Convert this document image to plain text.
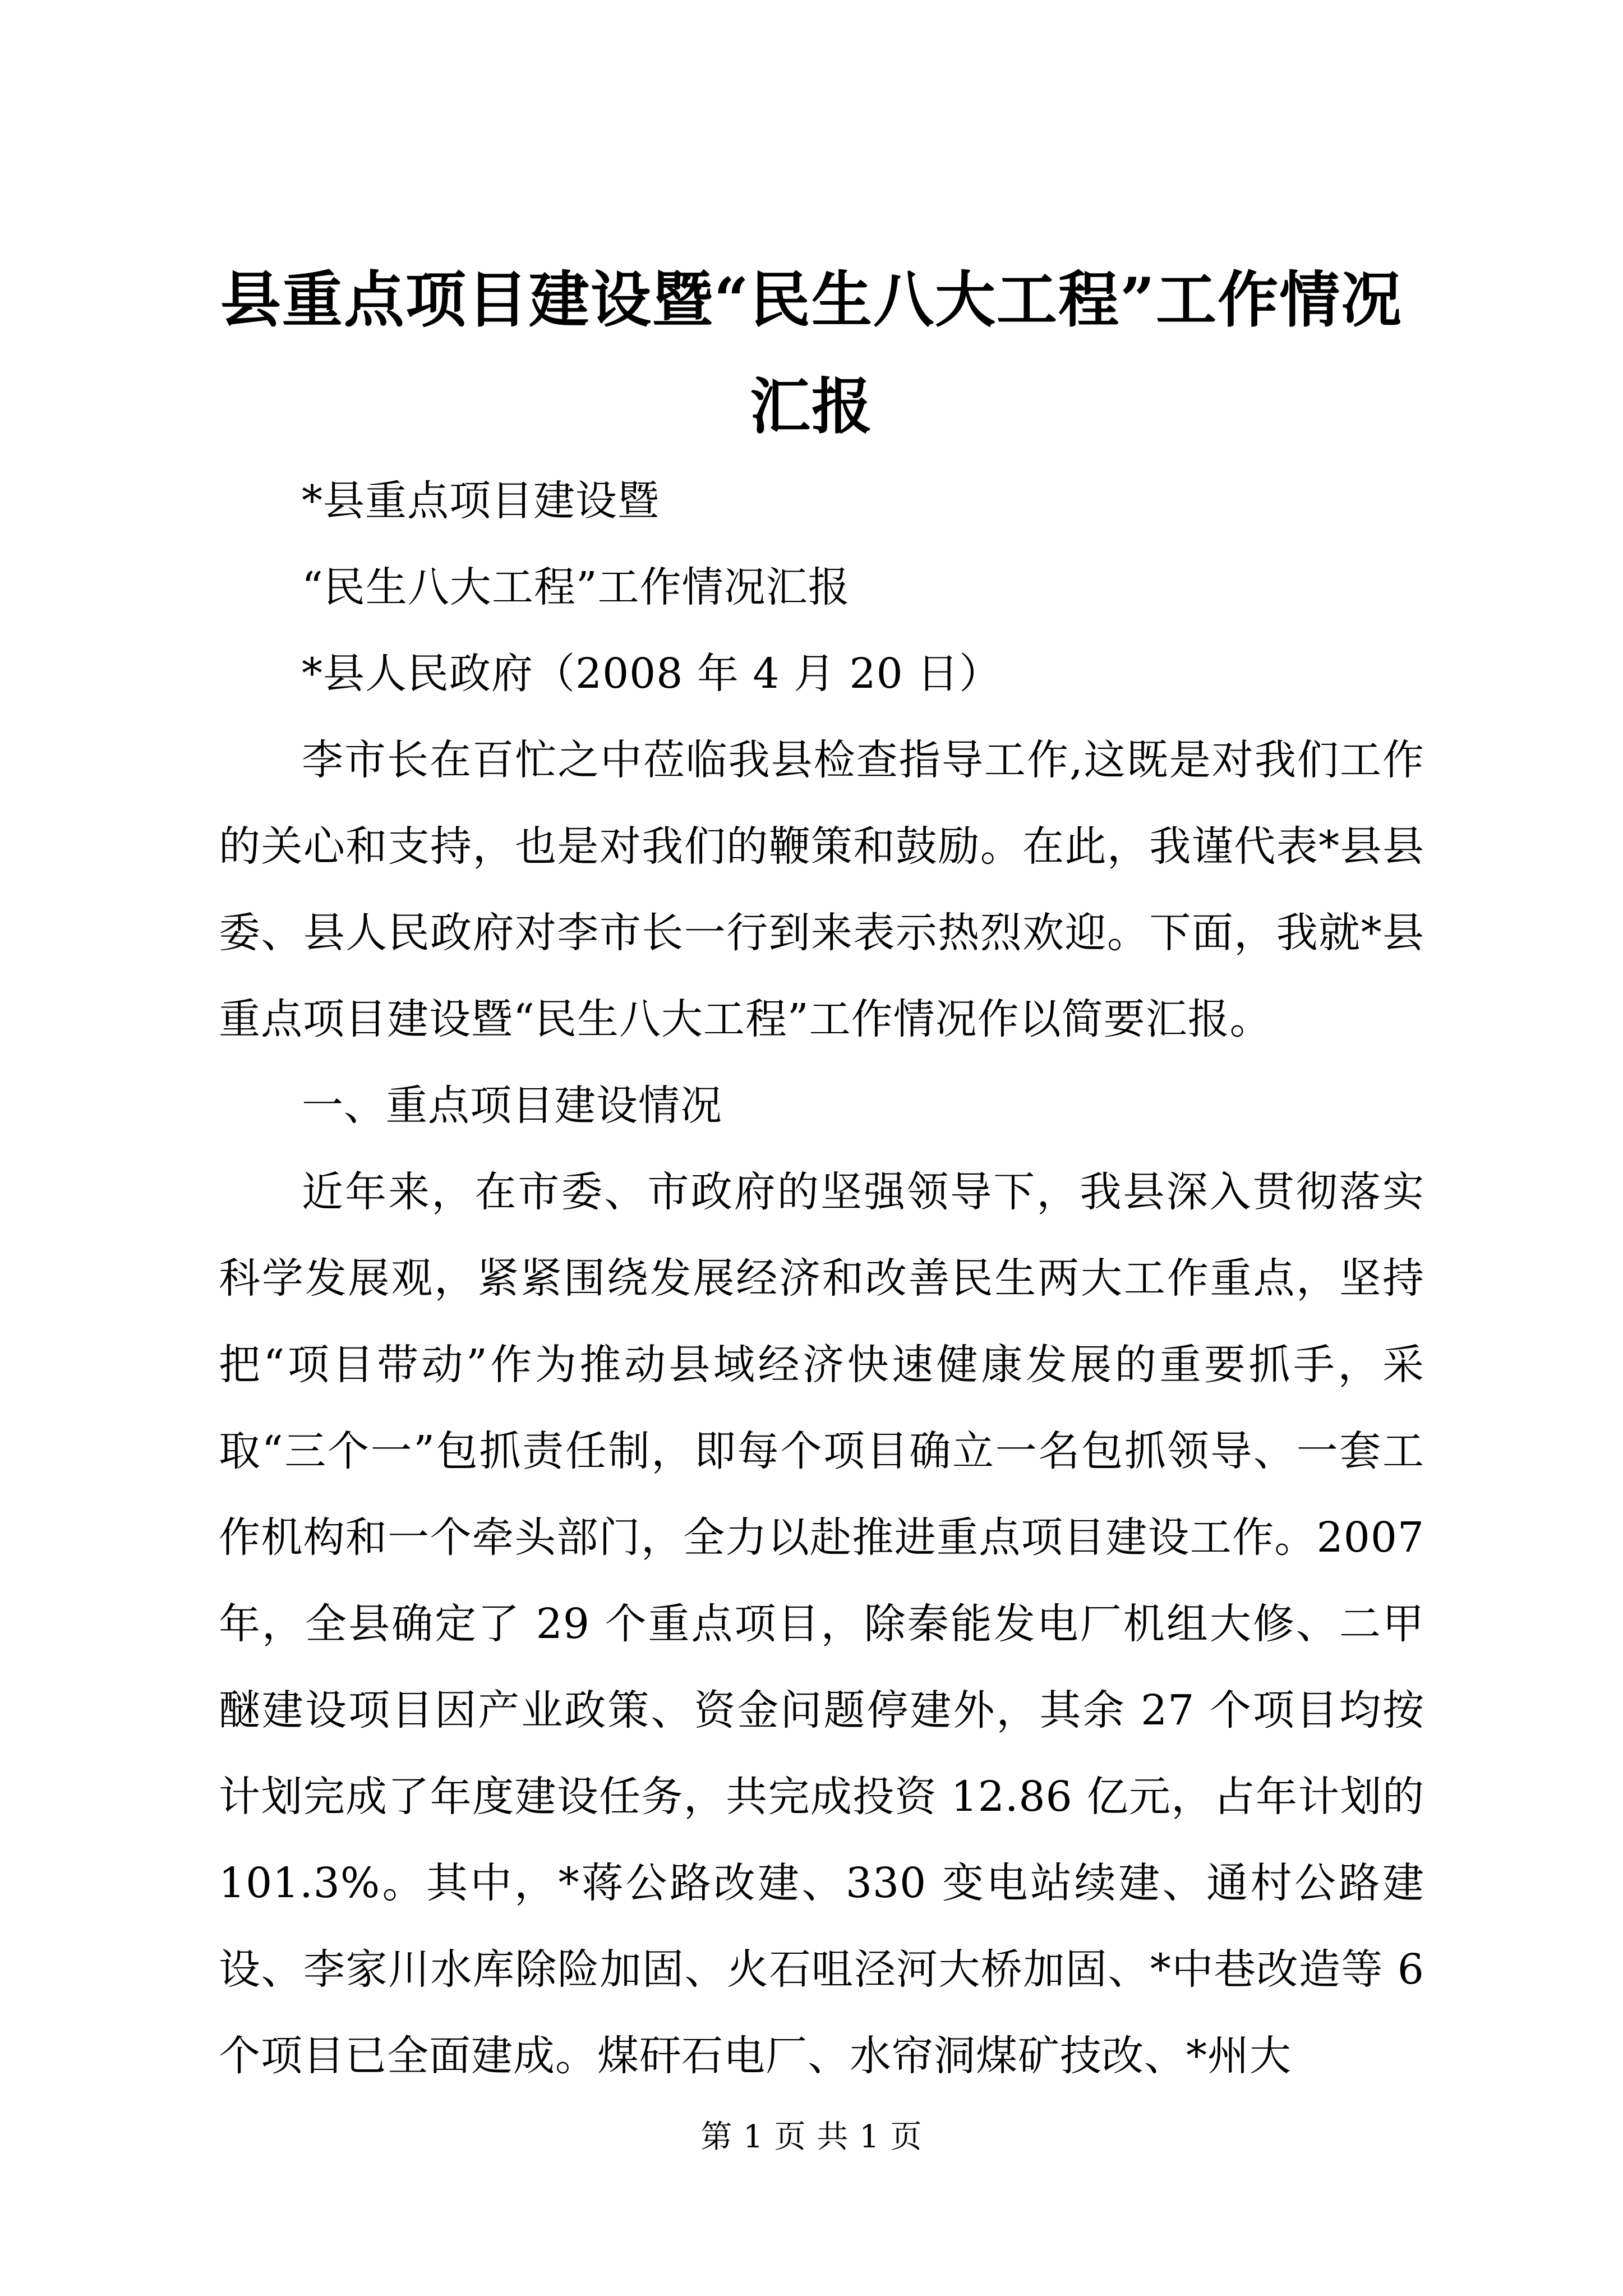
县重点项目建设暨“民生八大工程”工作情况
汇报
*县重点项目建设暨
“民生八大工程”工作情况汇报
*县人民政府（2008 年 4 月 20 日）

李市长在百忙之中莅临我县检查指导工作,这既是对我们工作的关心和支持，也是对我们的鞭策和鼓励。在此，我谨代表*县县委、县人民政府对李市长一行到来表示热烈欢迎。下面，我就*县重点项目建设暨“民生八大工程”工作情况作以简要汇报。

一、重点项目建设情况

近年来，在市委、市政府的坚强领导下，我县深入贯彻落实科学发展观，紧紧围绕发展经济和改善民生两大工作重点，坚持把“项目带动”作为推动县域经济快速健康发展的重要抓手，采取“三个一”包抓责任制，即每个项目确立一名包抓领导、一套工作机构和一个牵头部门，全力以赴推进重点项目建设工作。2007 年，全县确定了 29 个重点项目，除秦能发电厂机组大修、二甲醚建设项目因产业政策、资金问题停建外，其余 27 个项目均按计划完成了年度建设任务，共完成投资 12.86 亿元，占年计划的 101.3%。其中，*蒋公路改建、330 变电站续建、通村公路建设、李家川水库除险加固、火石咀泾河大桥加固、*中巷改造等 6 个项目已全面建成。煤矸石电厂、水帘洞煤矿技改、*州大

第 1 页 共 1 页
